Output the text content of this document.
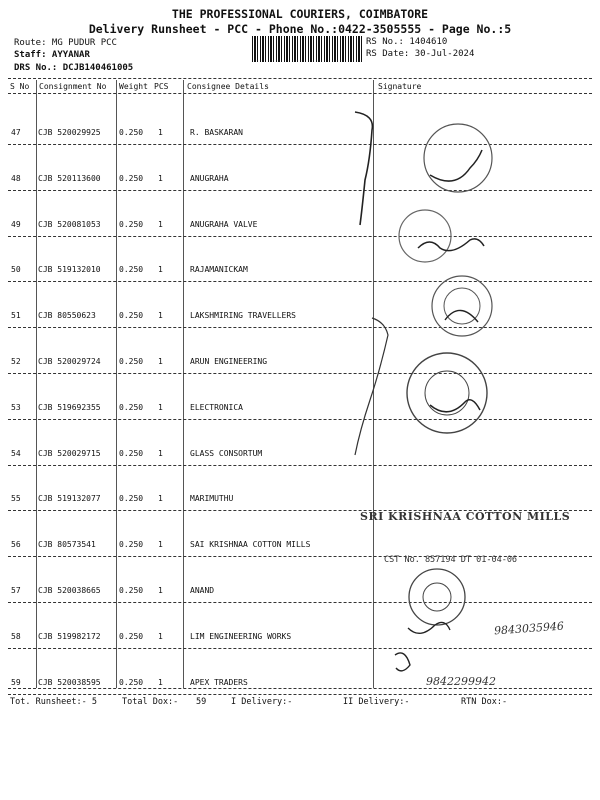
THE PROFESSIONAL COURIERS, COIMBATORE
Delivery Runsheet - PCC - Phone No.:0422-3505555 - Page No.:5
Route: MG PUDUR PCC
Staff: AYYANAR
DRS No.: DCJB140461005
RS No.: 1404610
RS Date: 30-Jul-2024
S No Consignment No Weight PCS Consignee Details	Signature
47 CJB 520029925 0.250 1	R. BASKARAN
48 CJB 520113600 0.250 1	ANUGRAHA
49 CJB 520081053 0.250 1	ANUGRAHA VALVE
50 CJB 519132010 0.250 1	RAJAMANICKAM
51 CJB 80550623	0.250 1	LAKSHMIRING TRAVELLERS
52 CJB 520029724 0.250 1	ARUN ENGINEERING
53 CJB 519692355 0.250 1	ELECTRONICA
54 CJB 520029715 0.250 1	GLASS CONSORTUM
55 CJB 519132077 0.250 1	MARIMUTHU
56 CJB 80573541	0.250 1	SAI KRISHNAA COTTON MILLS
57 CJB 520038665 0.250 1	ANAND
58 CJB 519982172 0.250 1	LIM ENGINEERING WORKS
59 CJB 520038595 0.250 1	APEX TRADERS
Tot. Runsheet:- 5	Total Dox:- 59	I Delivery:-	II Delivery:-	RTN Dox:-
SRI KRISHNAA COTTON MILLS
CST No. 857194 DT 01-04-06
9843035946
9842299942
